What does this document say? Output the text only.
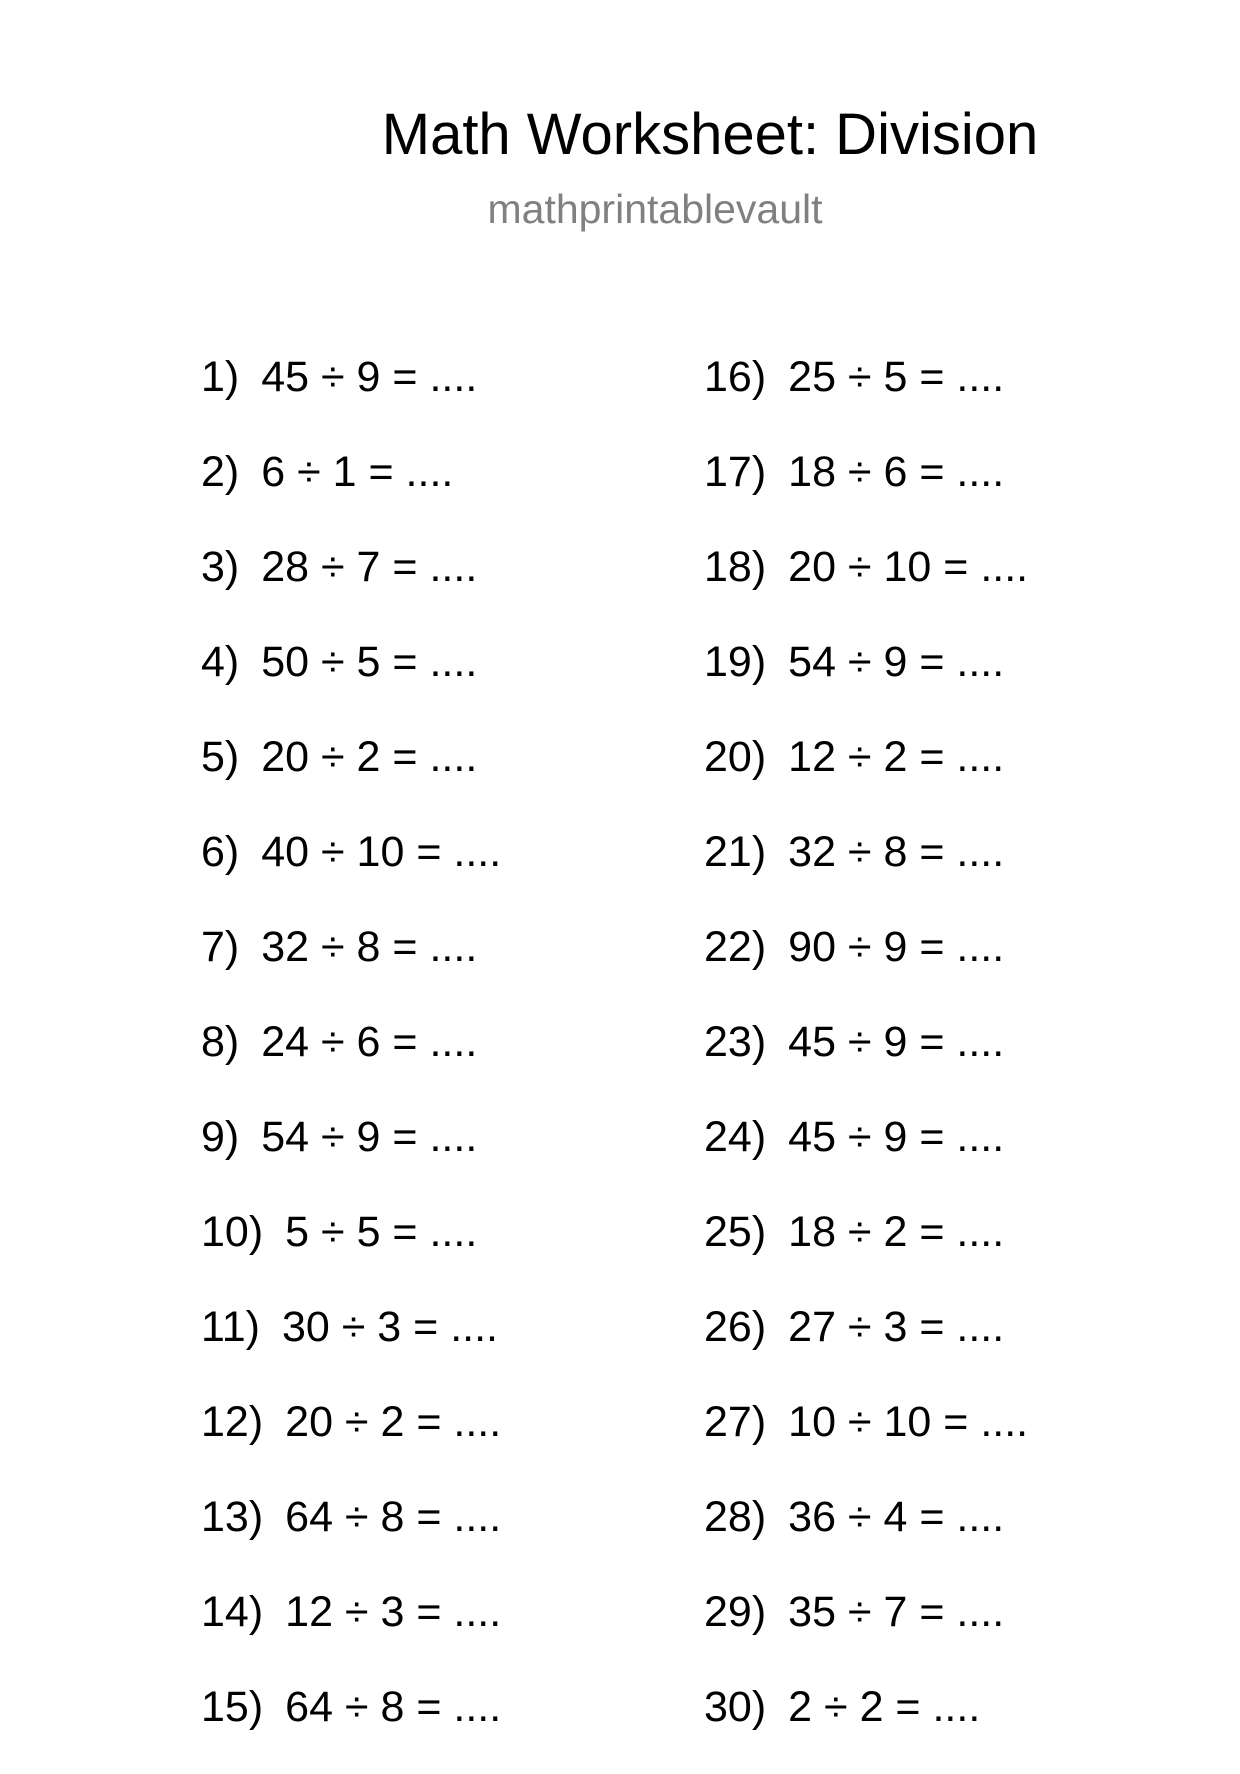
Math Worksheet: Division
mathprintablevault
1) 45 ÷ 9 = ....
2) 6 ÷ 1 = ....
3) 28 ÷ 7 = ....
4) 50 ÷ 5 = ....
5) 20 ÷ 2 = ....
6) 40 ÷ 10 = ....
7) 32 ÷ 8 = ....
8) 24 ÷ 6 = ....
9) 54 ÷ 9 = ....
10) 5 ÷ 5 = ....
11) 30 ÷ 3 = ....
12) 20 ÷ 2 = ....
13) 64 ÷ 8 = ....
14) 12 ÷ 3 = ....
15) 64 ÷ 8 = ....
16) 25 ÷ 5 = ....
17) 18 ÷ 6 = ....
18) 20 ÷ 10 = ....
19) 54 ÷ 9 = ....
20) 12 ÷ 2 = ....
21) 32 ÷ 8 = ....
22) 90 ÷ 9 = ....
23) 45 ÷ 9 = ....
24) 45 ÷ 9 = ....
25) 18 ÷ 2 = ....
26) 27 ÷ 3 = ....
27) 10 ÷ 10 = ....
28) 36 ÷ 4 = ....
29) 35 ÷ 7 = ....
30) 2 ÷ 2 = ....
